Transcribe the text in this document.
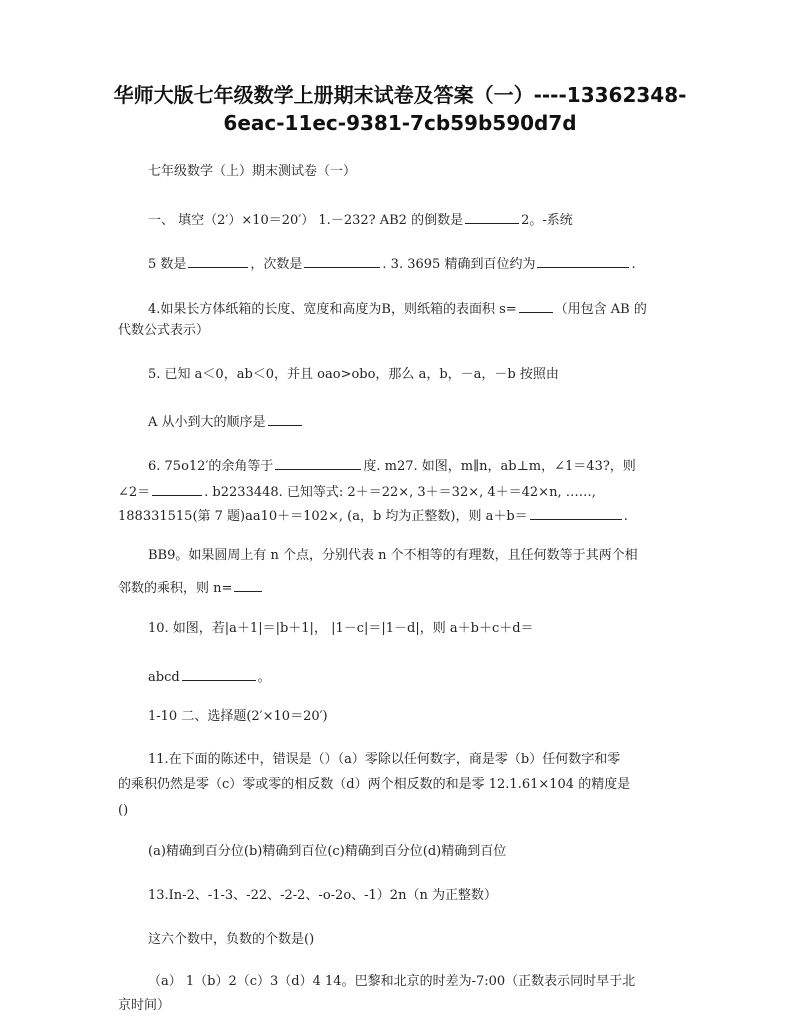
华师大版七年级数学上册期末试卷及答案（一）----13362348-
6eac-11ec-9381-7cb59b590d7d
七年级数学（上）期末测试卷（一）
一、 填空（2′）×10＝20′） 1.－232? AB2 的倒数是	2。-系统
5 数是	，次数是	. 3. 3695 精确到百位约为	.
4.如果长方体纸箱的长度、宽度和高度为B，则纸箱的表面积 s=	（用包含 AB 的
代数公式表示）
5. 已知 a＜0，ab＜0，并且 oao>obo，那么 a，b，－a，－b 按照由
A 从小到大的顺序是
6. 75o12′的余角等于	度. m27. 如图，m∥n，ab⊥m，∠1＝43?，则
∠2＝	. b2233448. 已知等式: 2＋＝22×, 3＋＝32×, 4＋＝42×n, ……,
188331515(第 7 题)aa10＋＝102×, (a，b 均为正整数)，则 a＋b＝	.
BB9。如果圆周上有 n 个点，分别代表 n 个不相等的有理数，且任何数等于其两个相
邻数的乘积，则 n=
10. 如图，若|a＋1|＝|b＋1|， |1－c|＝|1－d|，则 a＋b＋c＋d＝
abcd	。
1-10 二、选择题(2′×10＝20′)
11.在下面的陈述中，错误是（）（a）零除以任何数字，商是零（b）任何数字和零
的乘积仍然是零（c）零或零的相反数（d）两个相反数的和是零 12.1.61×104 的精度是
()
(a)精确到百分位(b)精确到百位(c)精确到百分位(d)精确到百位
13.In-2、-1-3、-22、-2-2、-o-2o、-1）2n（n 为正整数）
这六个数中，负数的个数是()
（a） 1（b）2（c）3（d）4 14。巴黎和北京的时差为-7:00（正数表示同时早于北
京时间）
